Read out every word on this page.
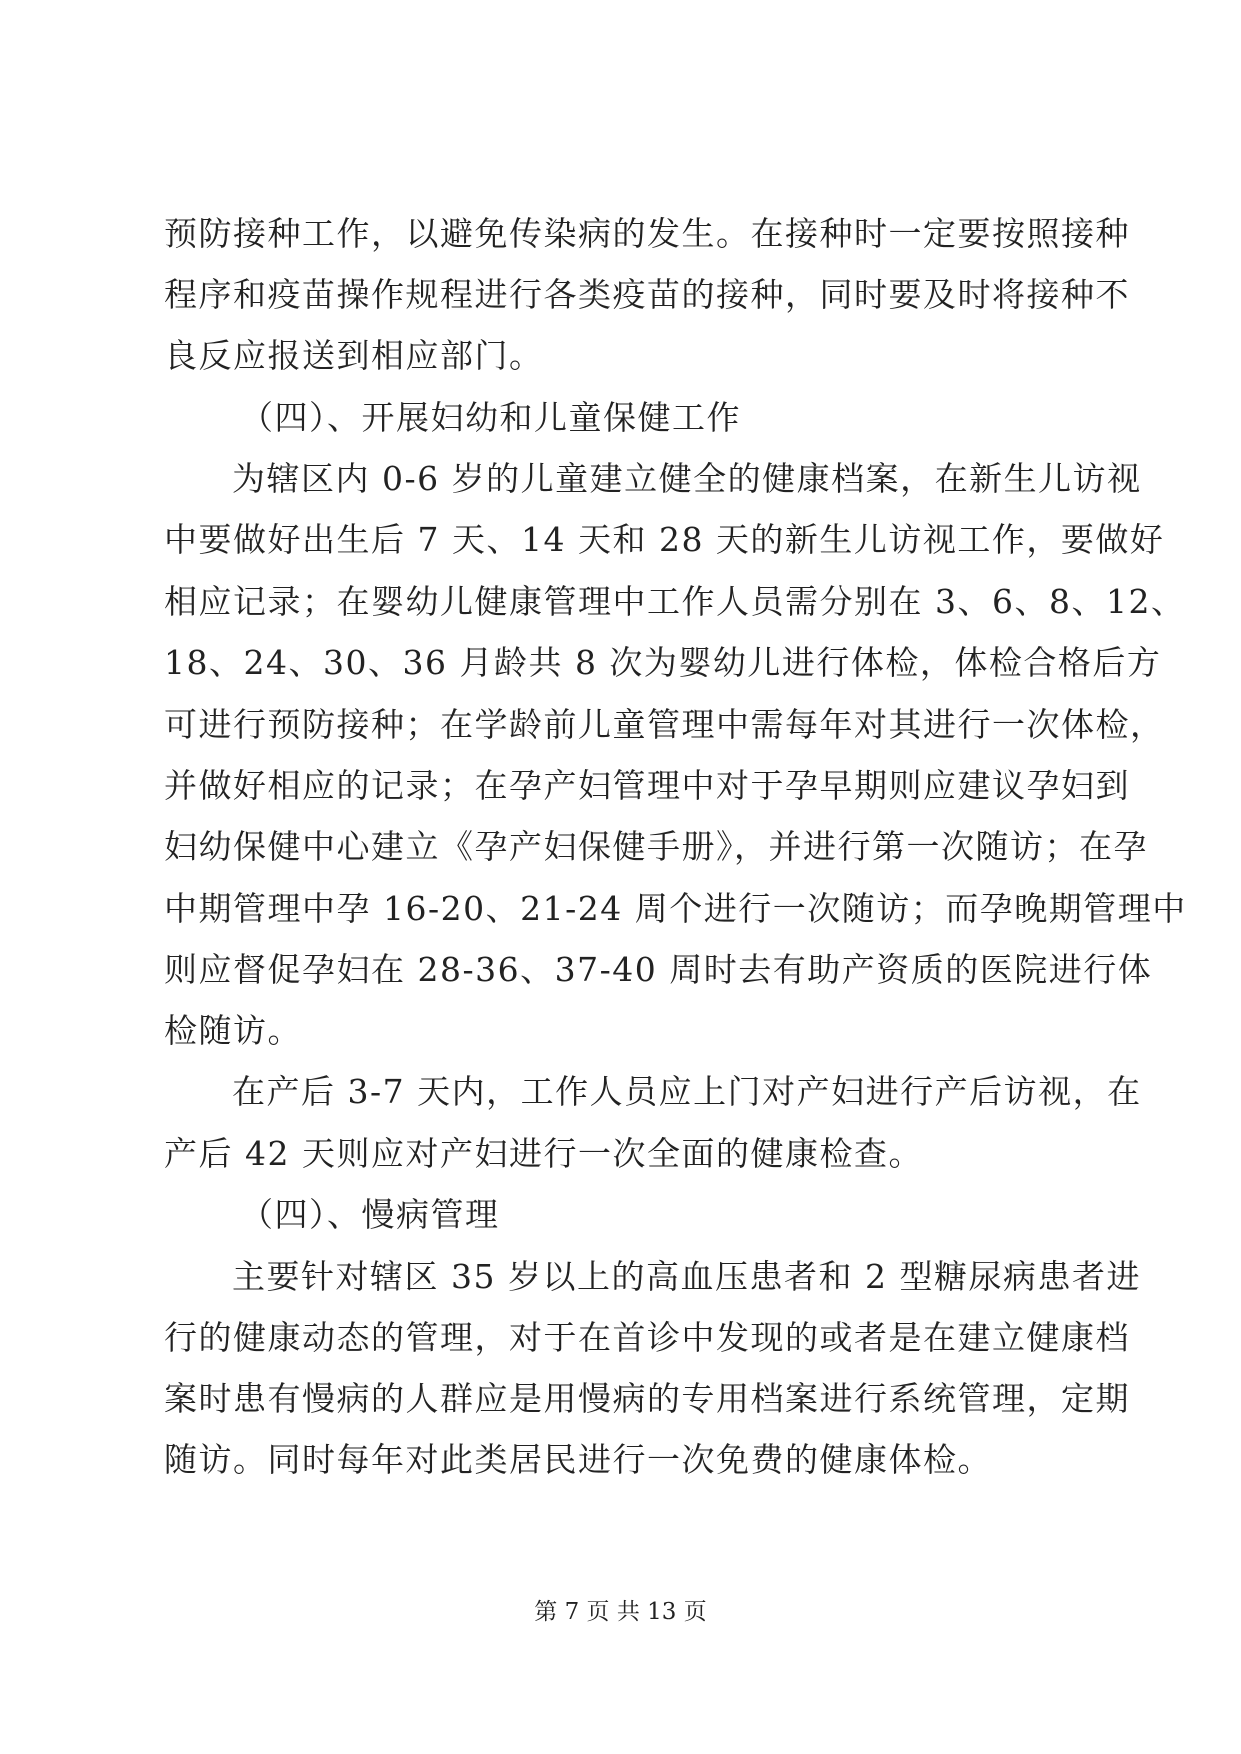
预防接种工作，以避免传染病的发生。在接种时一定要按照接种
程序和疫苗操作规程进行各类疫苗的接种，同时要及时将接种不
良反应报送到相应部门。
（四）、开展妇幼和儿童保健工作
为辖区内 0-6 岁的儿童建立健全的健康档案，在新生儿访视
中要做好出生后 7 天、14 天和 28 天的新生儿访视工作，要做好
相应记录；在婴幼儿健康管理中工作人员需分别在 3、6、8、12、
18、24、30、36 月龄共 8 次为婴幼儿进行体检，体检合格后方
可进行预防接种；在学龄前儿童管理中需每年对其进行一次体检，
并做好相应的记录；在孕产妇管理中对于孕早期则应建议孕妇到
妇幼保健中心建立《孕产妇保健手册》，并进行第一次随访；在孕
中期管理中孕 16-20、21-24 周个进行一次随访；而孕晚期管理中
则应督促孕妇在 28-36、37-40 周时去有助产资质的医院进行体
检随访。
在产后 3-7 天内，工作人员应上门对产妇进行产后访视，在
产后 42 天则应对产妇进行一次全面的健康检查。
（四）、慢病管理
主要针对辖区 35 岁以上的高血压患者和 2 型糖尿病患者进
行的健康动态的管理，对于在首诊中发现的或者是在建立健康档
案时患有慢病的人群应是用慢病的专用档案进行系统管理，定期
随访。同时每年对此类居民进行一次免费的健康体检。
第 7 页 共 13 页
